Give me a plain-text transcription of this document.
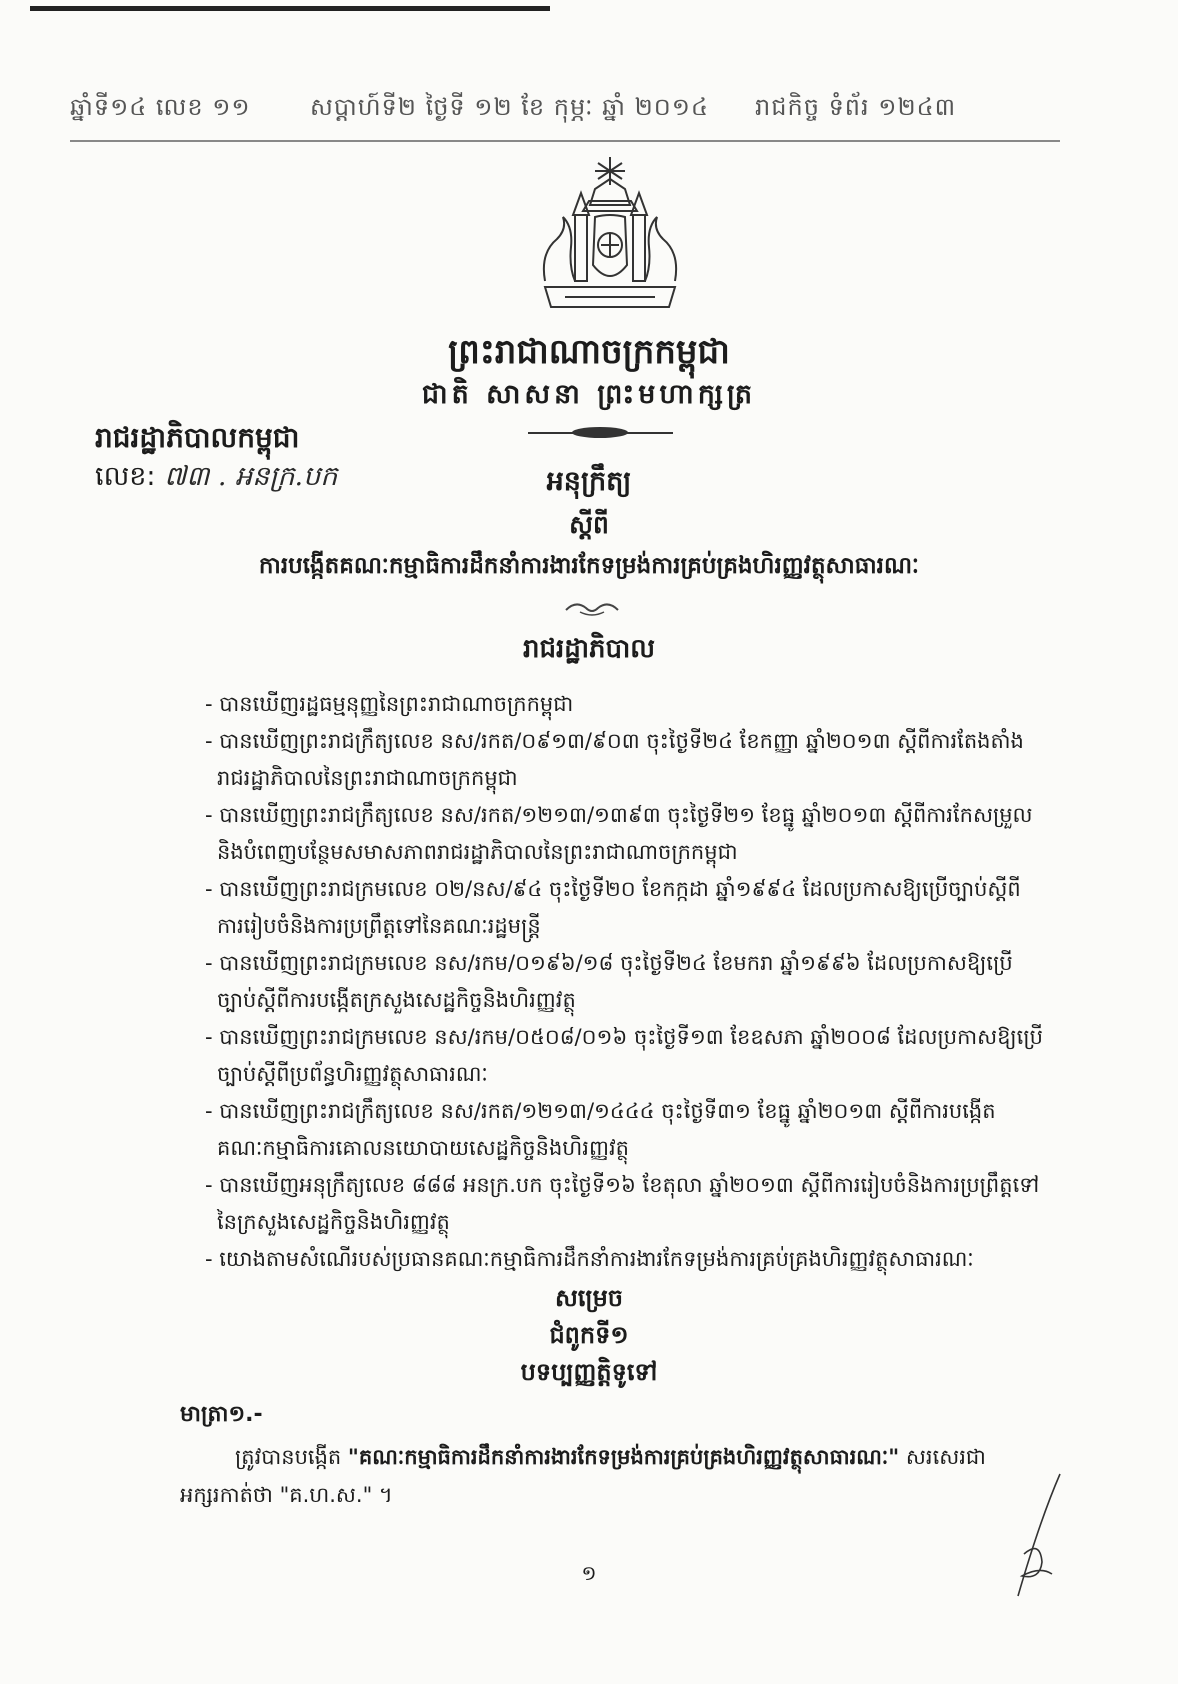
ឆ្នាំទី១៤ លេខ ១១ សប្តាហ៍ទី២ ថ្ងៃទី ១២ ខែ កុម្ភៈ ឆ្នាំ ២០១៤ រាជកិច្ច ទំព័រ ១២៤៣
ព្រះរាជាណាចក្រកម្ពុជា
ជាតិ សាសនា ព្រះមហាក្សត្រ
រាជរដ្ឋាភិបាលកម្ពុជា
លេខ: ៧៣ . អនក្រ.បក	អនុក្រឹត្យ
ស្តីពី
ការបង្កើតគណៈកម្មាធិការដឹកនាំការងារកែទម្រង់ការគ្រប់គ្រងហិរញ្ញវត្ថុសាធារណៈ
រាជរដ្ឋាភិបាល
- បានឃើញរដ្ឋធម្មនុញ្ញនៃព្រះរាជាណាចក្រកម្ពុជា
- បានឃើញព្រះរាជក្រឹត្យលេខ នស/រកត/០៩១៣/៩០៣ ចុះថ្ងៃទី២៤ ខែកញ្ញា ឆ្នាំ២០១៣ ស្តីពីការតែងតាំង
រាជរដ្ឋាភិបាលនៃព្រះរាជាណាចក្រកម្ពុជា
- បានឃើញព្រះរាជក្រឹត្យលេខ នស/រកត/១២១៣/១៣៩៣ ចុះថ្ងៃទី២១ ខែធ្នូ ឆ្នាំ២០១៣ ស្តីពីការកែសម្រួល
និងបំពេញបន្ថែមសមាសភាពរាជរដ្ឋាភិបាលនៃព្រះរាជាណាចក្រកម្ពុជា
- បានឃើញព្រះរាជក្រមលេខ ០២/នស/៩៤ ចុះថ្ងៃទី២០ ខែកក្កដា ឆ្នាំ១៩៩៤ ដែលប្រកាសឱ្យប្រើច្បាប់ស្តីពី
ការរៀបចំនិងការប្រព្រឹត្តទៅនៃគណៈរដ្ឋមន្ត្រី
- បានឃើញព្រះរាជក្រមលេខ នស/រកម/០១៩៦/១៨ ចុះថ្ងៃទី២៤ ខែមករា ឆ្នាំ១៩៩៦ ដែលប្រកាសឱ្យប្រើ
ច្បាប់ស្តីពីការបង្កើតក្រសួងសេដ្ឋកិច្ចនិងហិរញ្ញវត្ថុ
- បានឃើញព្រះរាជក្រមលេខ នស/រកម/០៥០៨/០១៦ ចុះថ្ងៃទី១៣ ខែឧសភា ឆ្នាំ២០០៨ ដែលប្រកាសឱ្យប្រើ
ច្បាប់ស្តីពីប្រព័ន្ធហិរញ្ញវត្ថុសាធារណៈ
- បានឃើញព្រះរាជក្រឹត្យលេខ នស/រកត/១២១៣/១៤៤៤ ចុះថ្ងៃទី៣១ ខែធ្នូ ឆ្នាំ២០១៣ ស្តីពីការបង្កើត
គណៈកម្មាធិការគោលនយោបាយសេដ្ឋកិច្ចនិងហិរញ្ញវត្ថុ
- បានឃើញអនុក្រឹត្យលេខ ៨៨៨ អនក្រ.បក ចុះថ្ងៃទី១៦ ខែតុលា ឆ្នាំ២០១៣ ស្តីពីការរៀបចំនិងការប្រព្រឹត្តទៅ
នៃក្រសួងសេដ្ឋកិច្ចនិងហិរញ្ញវត្ថុ
- យោងតាមសំណើរបស់ប្រធានគណៈកម្មាធិការដឹកនាំការងារកែទម្រង់ការគ្រប់គ្រងហិរញ្ញវត្ថុសាធារណៈ
សម្រេច
ជំពូកទី១
បទប្បញ្ញត្តិទូទៅ
មាត្រា១.-
ត្រូវបានបង្កើត "គណៈកម្មាធិការដឹកនាំការងារកែទម្រង់ការគ្រប់គ្រងហិរញ្ញវត្ថុសាធារណៈ" សរសេរជា
អក្សរកាត់ថា "គ.ហ.ស." ។
១
